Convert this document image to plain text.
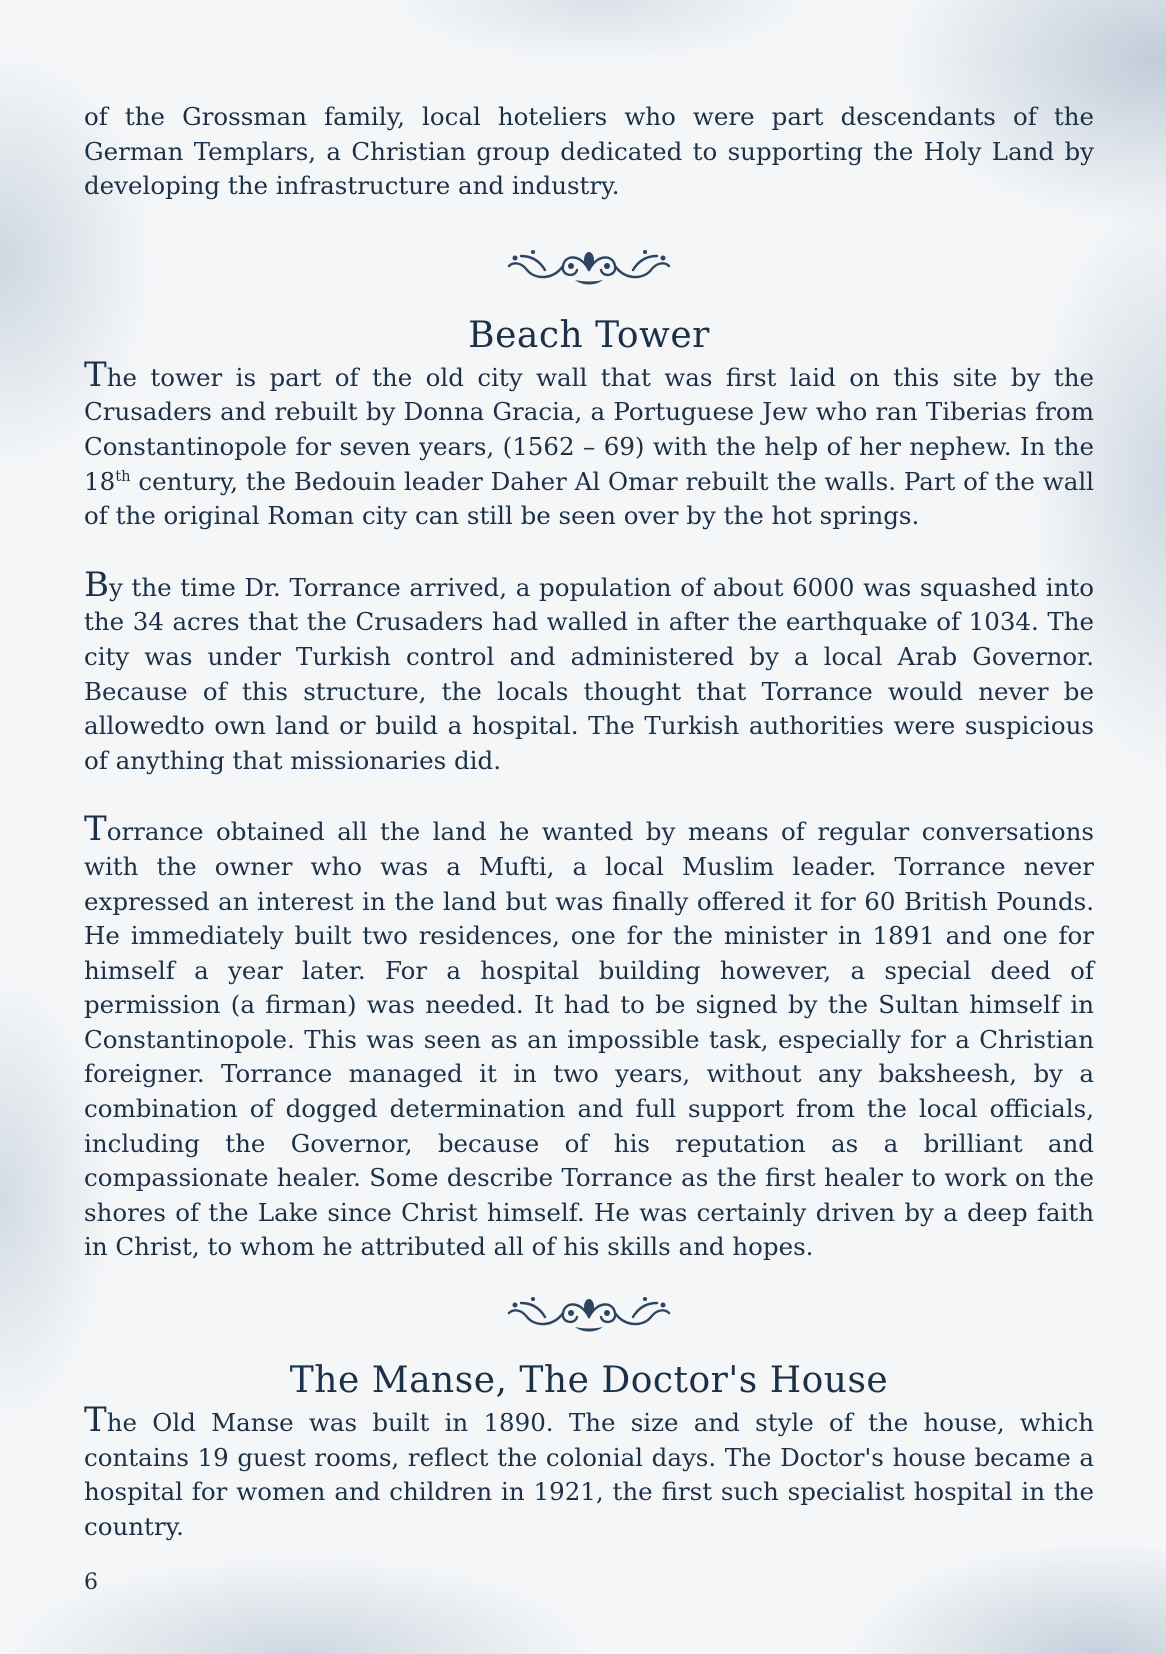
of the Grossman family, local hoteliers who were part descendants of the German Templars, a Christian group dedicated to supporting the Holy Land by developing the infrastructure and industry.

Beach Tower

The tower is part of the old city wall that was first laid on this site by the Crusaders and rebuilt by Donna Gracia, a Portuguese Jew who ran Tiberias from Constantinopole for seven years, (1562 – 69) with the help of her nephew. In the 18th century, the Bedouin leader Daher Al Omar rebuilt the walls. Part of the wall of the original Roman city can still be seen over by the hot springs.

By the time Dr. Torrance arrived, a population of about 6000 was squashed into the 34 acres that the Crusaders had walled in after the earthquake of 1034. The city was under Turkish control and administered by a local Arab Governor. Because of this structure, the locals thought that Torrance would never be allowedto own land or build a hospital. The Turkish authorities were suspicious of anything that missionaries did.

Torrance obtained all the land he wanted by means of regular conversations with the owner who was a Mufti, a local Muslim leader. Torrance never expressed an interest in the land but was finally offered it for 60 British Pounds. He immediately built two residences, one for the minister in 1891 and one for himself a year later. For a hospital building however, a special deed of permission (a firman) was needed. It had to be signed by the Sultan himself in Constantinopole. This was seen as an impossible task, especially for a Christian foreigner. Torrance managed it in two years, without any baksheesh, by a combination of dogged determination and full support from the local officials, including the Governor, because of his reputation as a brilliant and compassionate healer. Some describe Torrance as the first healer to work on the shores of the Lake since Christ himself. He was certainly driven by a deep faith in Christ, to whom he attributed all of his skills and hopes.

The Manse, The Doctor's House

The Old Manse was built in 1890. The size and style of the house, which contains 19 guest rooms, reflect the colonial days. The Doctor's house became a hospital for women and children in 1921, the first such specialist hospital in the country.

6
